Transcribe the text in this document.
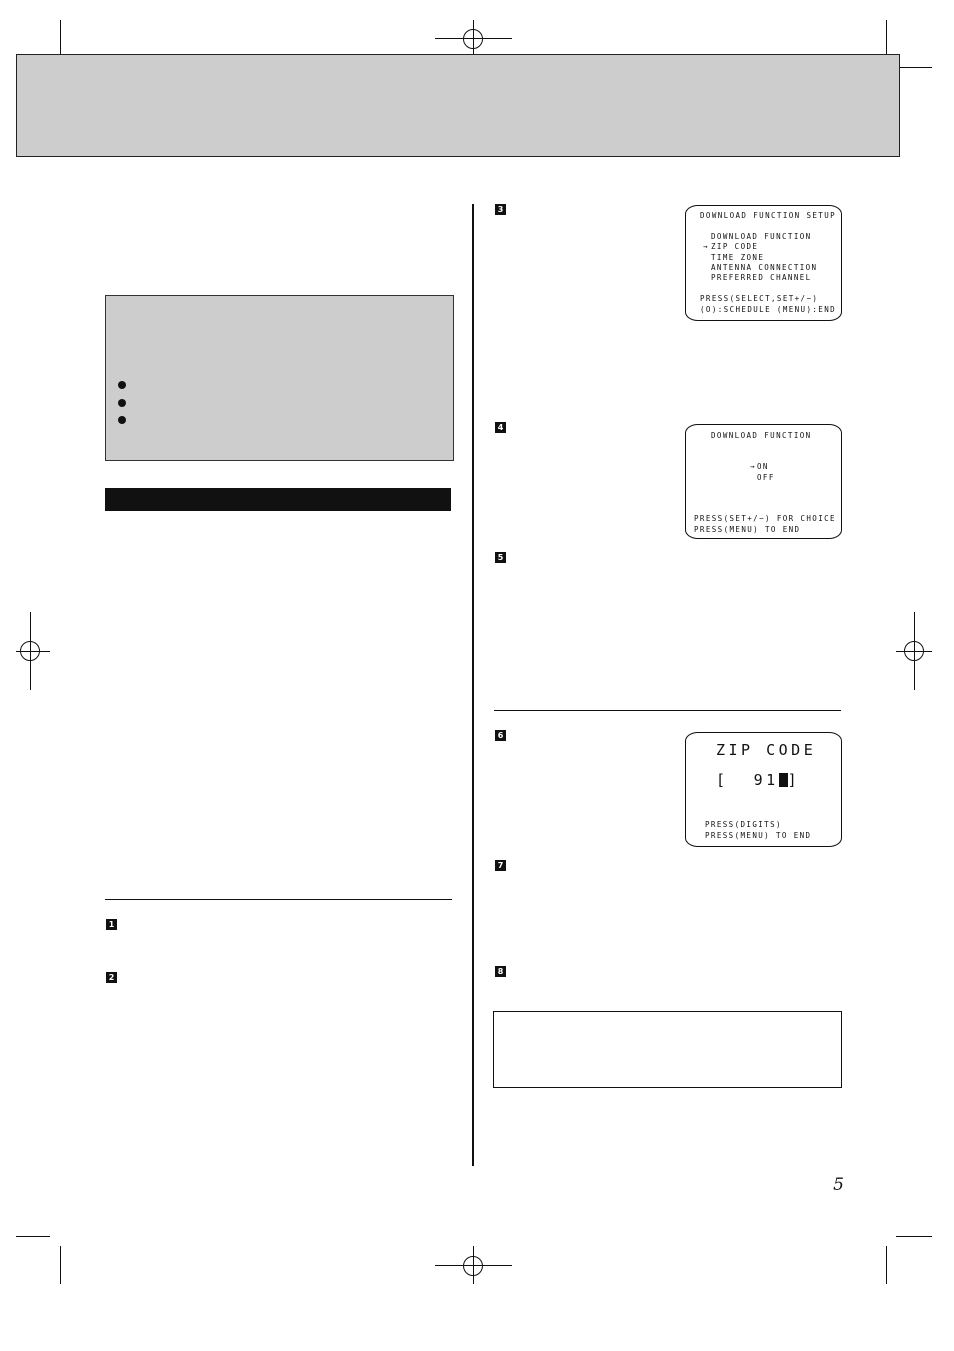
1
2
3
DOWNLOAD FUNCTION SETUP
DOWNLOAD FUNCTION
→ ZIP CODE
TIME ZONE
ANTENNA CONNECTION
PREFERRED CHANNEL
PRESS(SELECT,SET+/−)
(O):SCHEDULE (MENU):END
4
DOWNLOAD FUNCTION
→ ON
OFF
PRESS(SET+/−) FOR CHOICE
PRESS(MENU) TO END
5
6
ZIP CODE
[  91 ]
PRESS(DIGITS)
PRESS(MENU) TO END
7
8
5
